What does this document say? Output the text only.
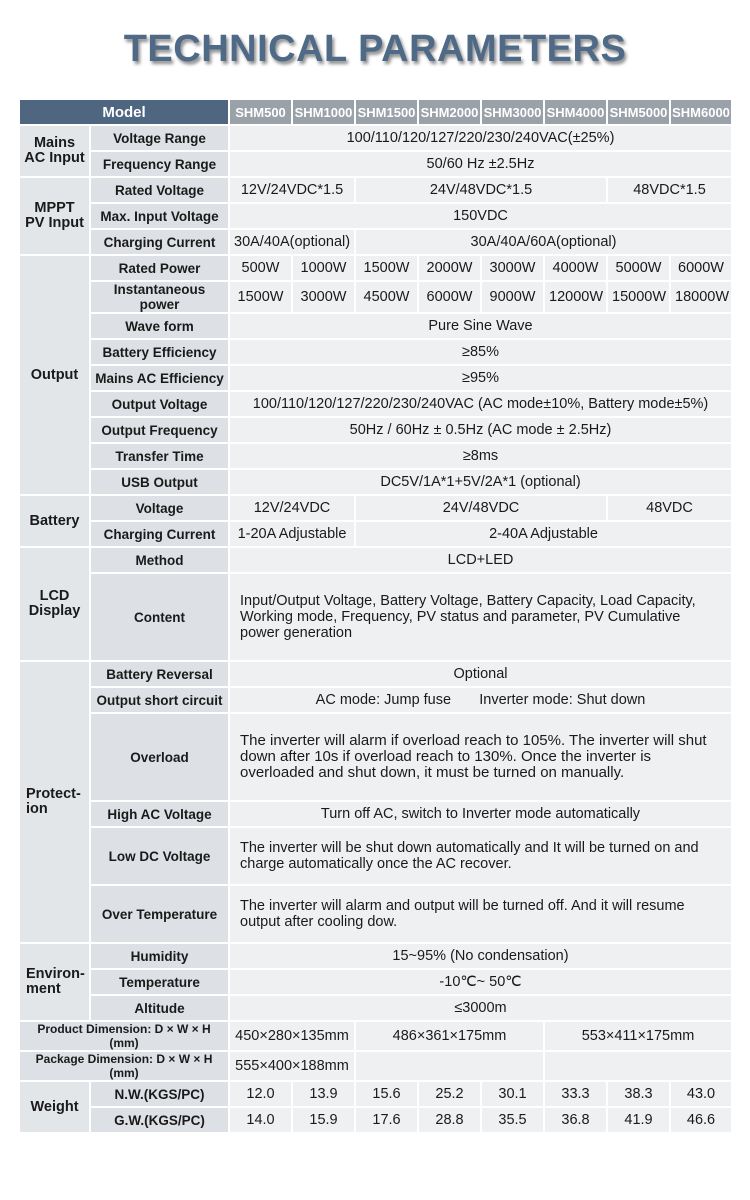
TECHNICAL PARAMETERS
Model		SHM500	SHM1000	SHM1500	SHM2000	SHM3000	SHM4000	SHM5000	SHM6000
Mains AC Input	Voltage Range	100/110/120/127/220/230/240VAC(±25%)							
	Frequency Range	50/60 Hz ±2.5Hz							
MPPT PV Input	Rated Voltage	12V/24VDC*1.5		24V/48VDC*1.5				48VDC*1.5	
	Max. Input Voltage	150VDC							
	Charging Current	30A/40A(optional)		30A/40A/60A(optional)					
Output	Rated Power	500W	1000W	1500W	2000W	3000W	4000W	5000W	6000W
	Instantaneous power	1500W	3000W	4500W	6000W	9000W	12000W	15000W	18000W
	Wave form	Pure Sine Wave							
	Battery Efficiency	≥85%							
	Mains AC Efficiency	≥95%							
	Output Voltage	100/110/120/127/220/230/240VAC (AC mode±10%, Battery mode±5%)							
	Output Frequency	50Hz / 60Hz ± 0.5Hz (AC mode ± 2.5Hz)							
	Transfer Time	≥8ms							
	USB Output	DC5V/1A*1+5V/2A*1 (optional)							
Battery	Voltage	12V/24VDC		24V/48VDC				48VDC	
	Charging Current	1-20A Adjustable		2-40A Adjustable					
LCD Display	Method	LCD+LED							
	Content	Input/Output Voltage, Battery Voltage, Battery Capacity, Load Capacity, Working mode, Frequency, PV status and parameter, PV Cumulative power generation							
Protect- ion	Battery Reversal	Optional							
	Output short circuit	AC mode: Jump fuse       Inverter mode: Shut down							
	Overload	The inverter will alarm if overload reach to 105%. The inverter will shut down after 10s if overload reach to 130%. Once the inverter is overloaded and shut down, it must be turned on manually.							
	High AC Voltage	Turn off AC, switch to Inverter mode automatically							
	Low DC Voltage	The inverter will be shut down automatically and It will be turned on and charge automatically once the AC recover.							
	Over Temperature	The inverter will alarm and output will be turned off. And it will resume output after cooling dow.							
Environ- ment	Humidity	15~95% (No condensation)							
	Temperature	-10℃~ 50℃							
	Altitude	≤3000m							
Product Dimension: D × W × H (mm)		450×280×135mm		486×361×175mm			553×411×175mm		
Package Dimension: D × W × H (mm)		555×400×188mm							
Weight	N.W.(KGS/PC)	12.0	13.9	15.6	25.2	30.1	33.3	38.3	43.0
	G.W.(KGS/PC)	14.0	15.9	17.6	28.8	35.5	36.8	41.9	46.6
